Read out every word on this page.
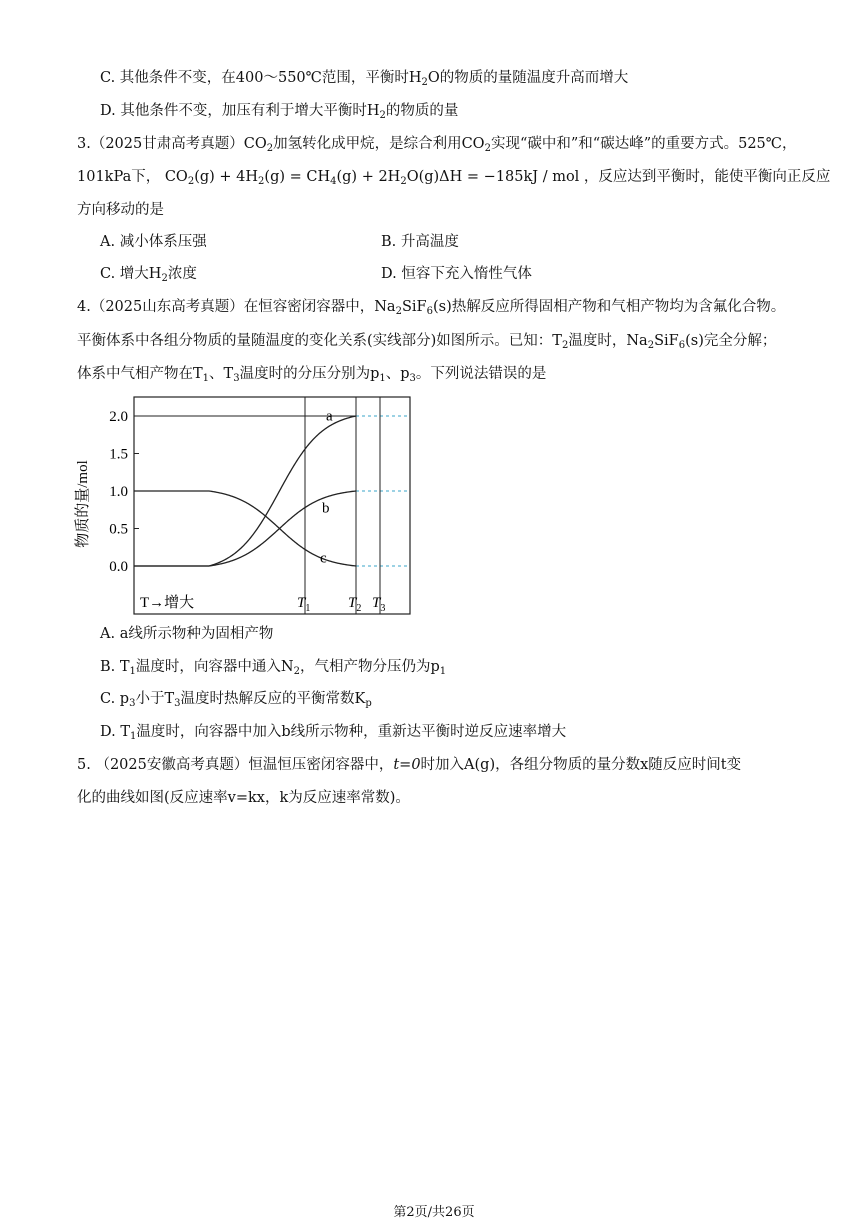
C. 其他条件不变，在400～550℃范围，平衡时$H_2O$的物质的量随温度升高而增大
D. 其他条件不变，加压有利于增大平衡时$H_2$的物质的量
3.（2025甘肃高考真题）$CO_2$加氢转化成甲烷，是综合利用$CO_2$实现“碳中和”和“碳达峰”的重要方式。525℃，
101kPa下， $CO_2(g) + 4H_2(g) = CH_4(g) + 2H_2O(g)\Delta H = -185kJ$ / mol ，反应达到平衡时，能使平衡向正反应
方向移动的是
A. 减小体系压强	B. 升高温度
C. 增大$H_2$浓度	D. 恒容下充入惰性气体
4.（2025山东高考真题）在恒容密闭容器中，$Na_2SiF_6(s)$热解反应所得固相产物和气相产物均为含氟化合物。
平衡体系中各组分物质的量随温度的变化关系(实线部分)如图所示。已知：$T_2$温度时，$Na_2SiF_6(s)$完全分解；
体系中气相产物在$T_1$、$T_3$温度时的分压分别为$p_1$、$p_3$。下列说法错误的是
2.0
1.5
1.0
0.5
0.0
$T_1$	$T_2$ $T_3$
a
b
c
物质的量/mol
T→增大
A. a线所示物种为固相产物
B. $T_1$温度时，向容器中通入$N_2$，气相产物分压仍为$p_1$
C. $p_3$小于$T_3$温度时热解反应的平衡常数$K_p$
D. $T_1$温度时，向容器中加入b线所示物种，重新达平衡时逆反应速率增大
5. （2025安徽高考真题）恒温恒压密闭容器中，t=0时加入A(g)，各组分物质的量分数x随反应时间t变
化的曲线如图(反应速率v=kx，k为反应速率常数)。
第2页/共26页
